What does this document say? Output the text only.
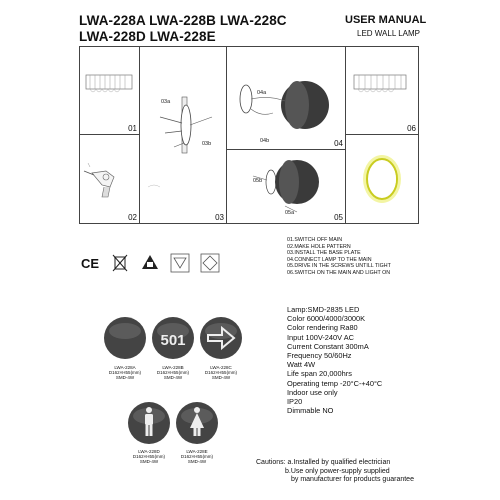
LWA-228A LWA-228B LWA-228C
LWA-228D LWA-228E
USER MANUAL
LED WALL LAMP
01
02
03a
03b
03
04a
04b	04
05b
05a	05
06
01.SWITCH OFF MAIN
02.MAKE HOLE PATTERN
03.INSTALL THE BASE PLATE
04.CONNECT LAMP TO THE MAIN
05.DRIVE IN THE SCREWS UNTILL TIGHT
06.SWITCH ON THE MAIN AND LIGHT ON
CE
LWA-228A
D162×H55(mm)
SMD-4W
501
LWA-228B
D162×H55(mm)
SMD-4W
LWA-228C
D162×H55(mm)
SMD-4W
LWA-228D
D162×H55(mm)
SMD-4W
LWA-228E
D162×H55(mm)
SMD-4W
Lamp:SMD-2835 LED
Color 6000/4000/3000K
Color rendering Ra80
Input 100V-240V AC
Current Constant 300mA
Frequency 50/60Hz
Watt 4W
Life span 20,000hrs
Operating temp -20°C-+40°C
Indoor use only
IP20
Dimmable NO
Cautions: a.Installed by qualified electrician
b.Use only power-supply supplied
by manufacturer for products guarantee
